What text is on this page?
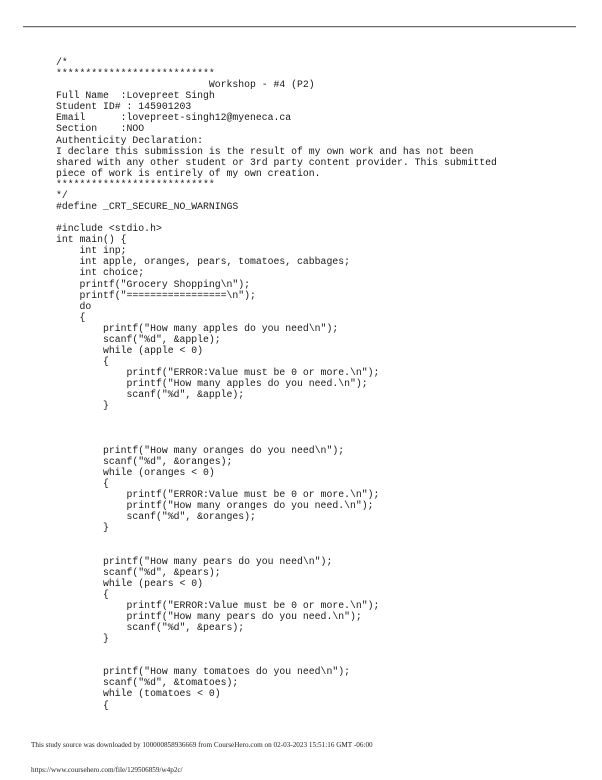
/*
***************************
Workshop - #4 (P2)
Full Name  :Lovepreet Singh
Student ID# : 145901203
Email      :lovepreet-singh12@myeneca.ca
Section    :NOO
Authenticity Declaration:
I declare this submission is the result of my own work and has not been
shared with any other student or 3rd party content provider. This submitted
piece of work is entirely of my own creation.
***************************
*/
#define _CRT_SECURE_NO_WARNINGS
#include <stdio.h>
int main() {
int inp;
int apple, oranges, pears, tomatoes, cabbages;
int choice;
printf("Grocery Shopping\n");
printf("=================\n");
do
{
printf("How many apples do you need\n");
scanf("%d", &apple);
while (apple < 0)
{
printf("ERROR:Value must be 0 or more.\n");
printf("How many apples do you need.\n");
scanf("%d", &apple);
}
printf("How many oranges do you need\n");
scanf("%d", &oranges);
while (oranges < 0)
{
printf("ERROR:Value must be 0 or more.\n");
printf("How many oranges do you need.\n");
scanf("%d", &oranges);
}
printf("How many pears do you need\n");
scanf("%d", &pears);
while (pears < 0)
{
printf("ERROR:Value must be 0 or more.\n");
printf("How many pears do you need.\n");
scanf("%d", &pears);
}
printf("How many tomatoes do you need\n");
scanf("%d", &tomatoes);
while (tomatoes < 0)
{
This study source was downloaded by 100000858936669 from CourseHero.com on 02-03-2023 15:51:16 GMT -06:00
https://www.coursehero.com/file/129506859/w4p2c/
